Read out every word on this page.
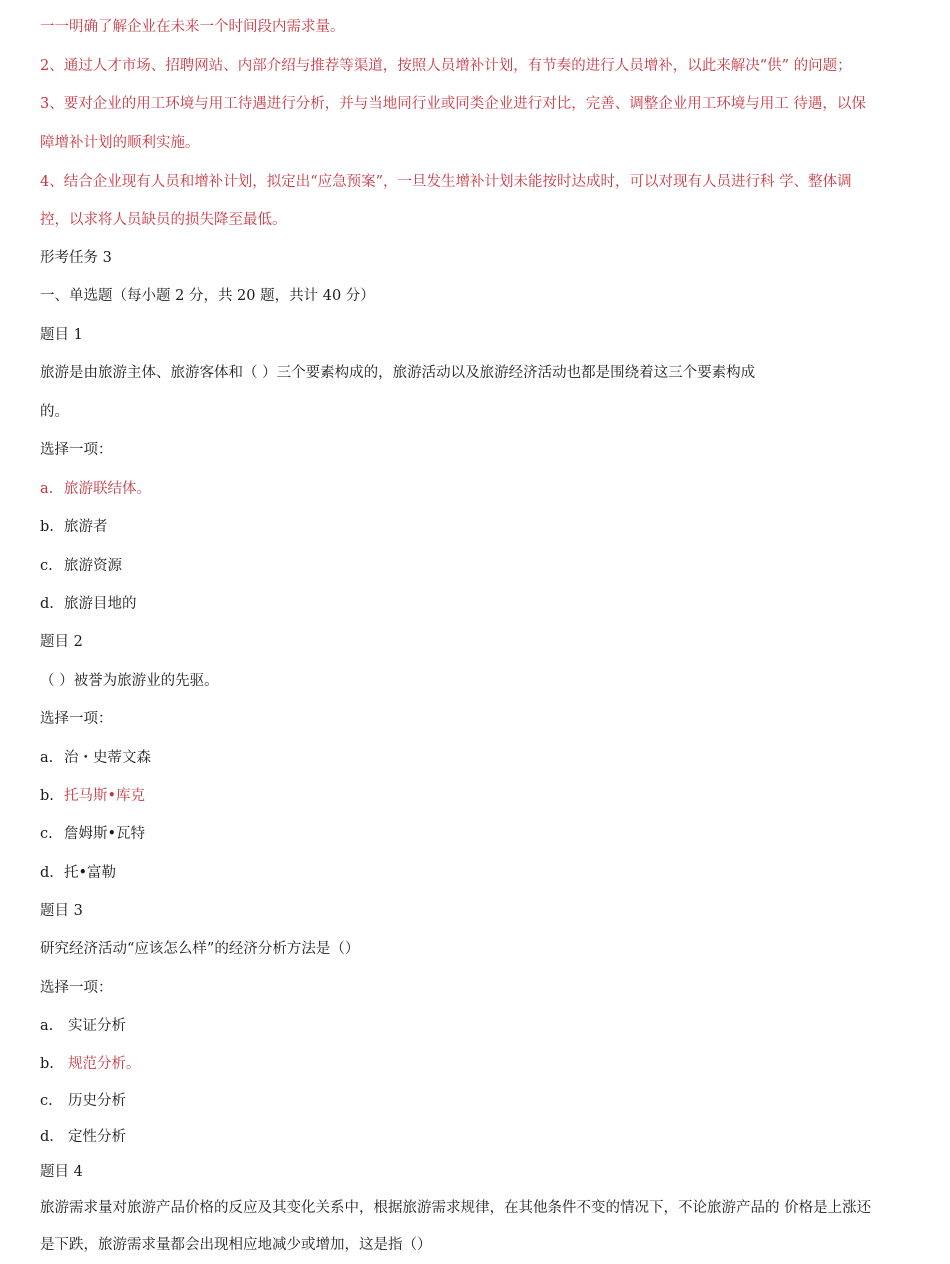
一一明确了解企业在未来一个时间段内需求量。
2、通过人才市场、招聘网站、内部介绍与推荐等渠道，按照人员增补计划，有节奏的进行人员增补，以此来解决“供” 的问题；
3、要对企业的用工环境与用工待遇进行分析，并与当地同行业或同类企业进行对比，完善、调整企业用工环境与用工 待遇，以保
障增补计划的顺利实施。
4、结合企业现有人员和增补计划，拟定出“应急预案”，一旦发生增补计划未能按时达成时，可以对现有人员进行科 学、整体调
控，以求将人员缺员的损失降至最低。
形考任务 3
一、单选题（每小题 2 分，共 20 题，共计 40 分）
题目 1
旅游是由旅游主体、旅游客体和（ ）三个要素构成的，旅游活动以及旅游经济活动也都是围绕着这三个要素构成
的。
选择一项：
a. 旅游联结体。
b. 旅游者
c. 旅游资源
d. 旅游目地的
题目 2
（ ）被誉为旅游业的先驱。
选择一项：
a. 治・史蒂文森
b. 托马斯•库克
c. 詹姆斯•瓦特
d. 托•富勒
题目 3
研究经济活动“应该怎么样”的经济分析方法是（）
选择一项：
a. 实证分析
b. 规范分析。
c. 历史分析
d. 定性分析
题目 4
旅游需求量对旅游产品价格的反应及其变化关系中，根据旅游需求规律，在其他条件不变的情况下，不论旅游产品的 价格是上涨还
是下跌，旅游需求量都会出现相应地减少或增加，这是指（）
